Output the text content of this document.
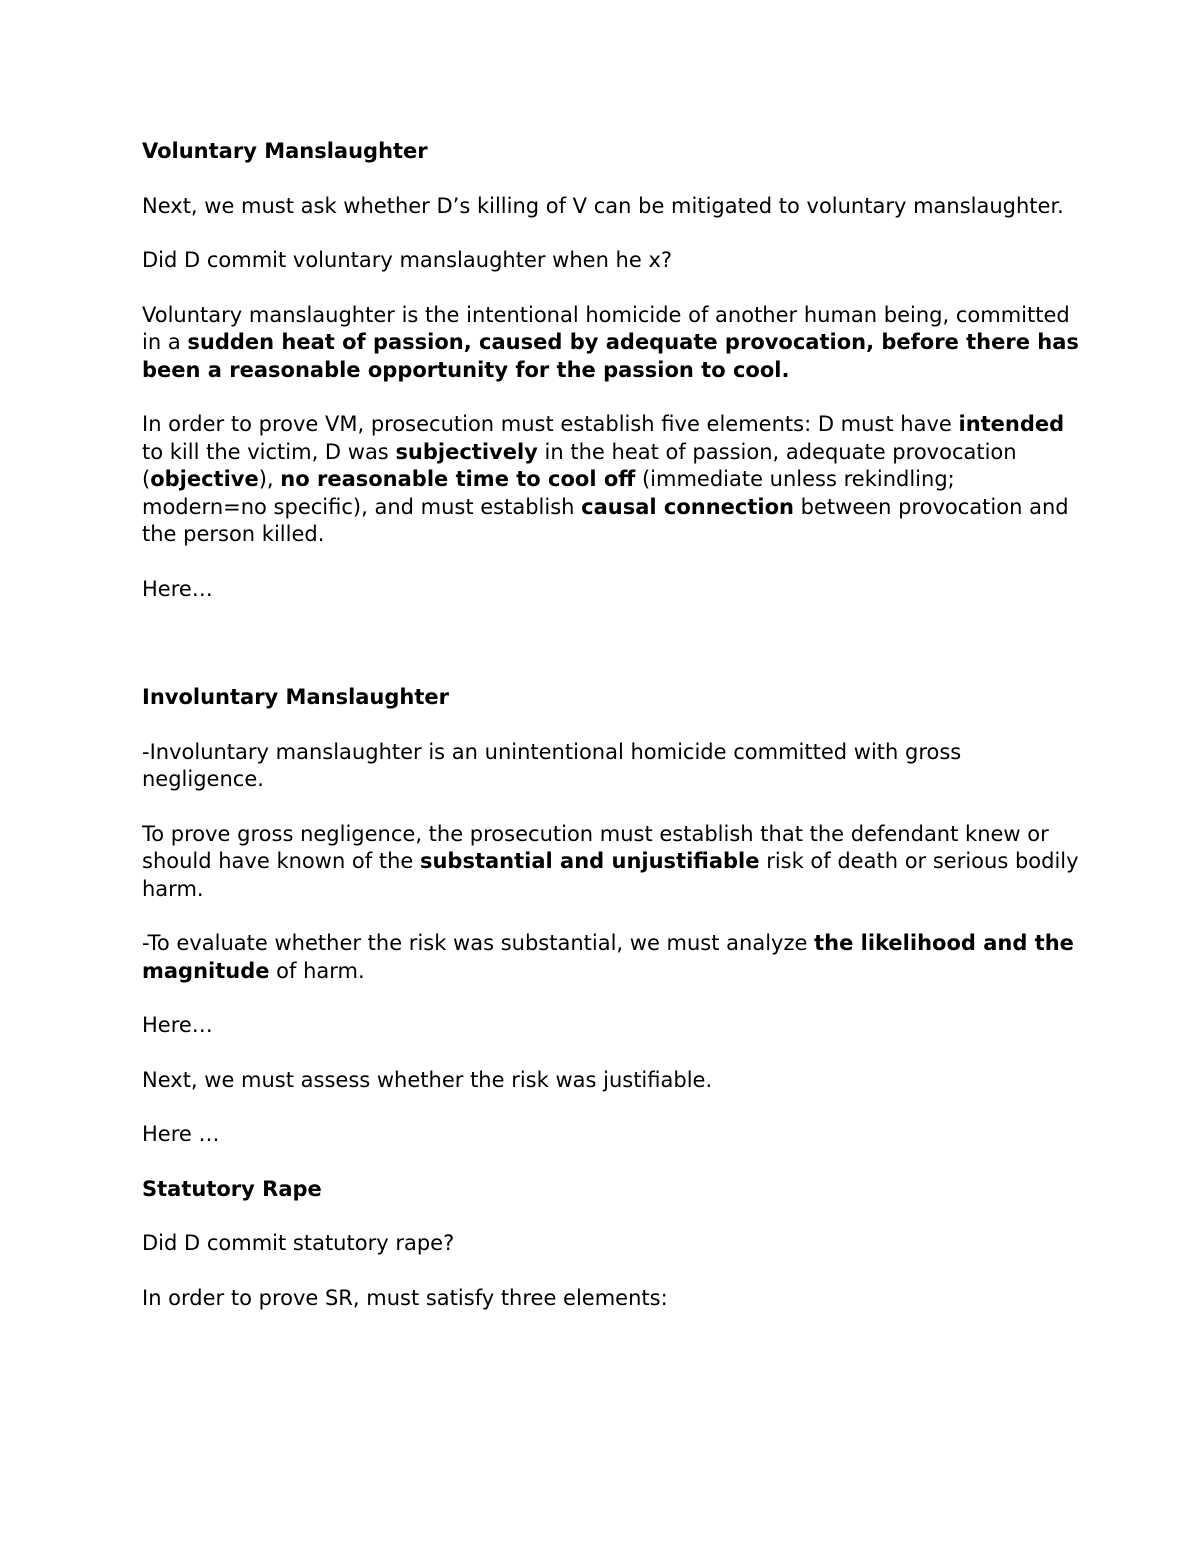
Voluntary Manslaughter

Next, we must ask whether D’s killing of V can be mitigated to voluntary manslaughter.

Did D commit voluntary manslaughter when he x?

Voluntary manslaughter is the intentional homicide of another human being, committed in a sudden heat of passion, caused by adequate provocation, before there has been a reasonable opportunity for the passion to cool.

In order to prove VM, prosecution must establish five elements: D must have intended to kill the victim, D was subjectively in the heat of passion, adequate provocation (objective), no reasonable time to cool off (immediate unless rekindling; modern=no specific), and must establish causal connection between provocation and the person killed.

Here…

Involuntary Manslaughter

-Involuntary manslaughter is an unintentional homicide committed with gross negligence.

To prove gross negligence, the prosecution must establish that the defendant knew or should have known of the substantial and unjustifiable risk of death or serious bodily harm.

-To evaluate whether the risk was substantial, we must analyze the likelihood and the magnitude of harm.

Here…

Next, we must assess whether the risk was justifiable.

Here …

Statutory Rape

Did D commit statutory rape?

In order to prove SR, must satisfy three elements:
